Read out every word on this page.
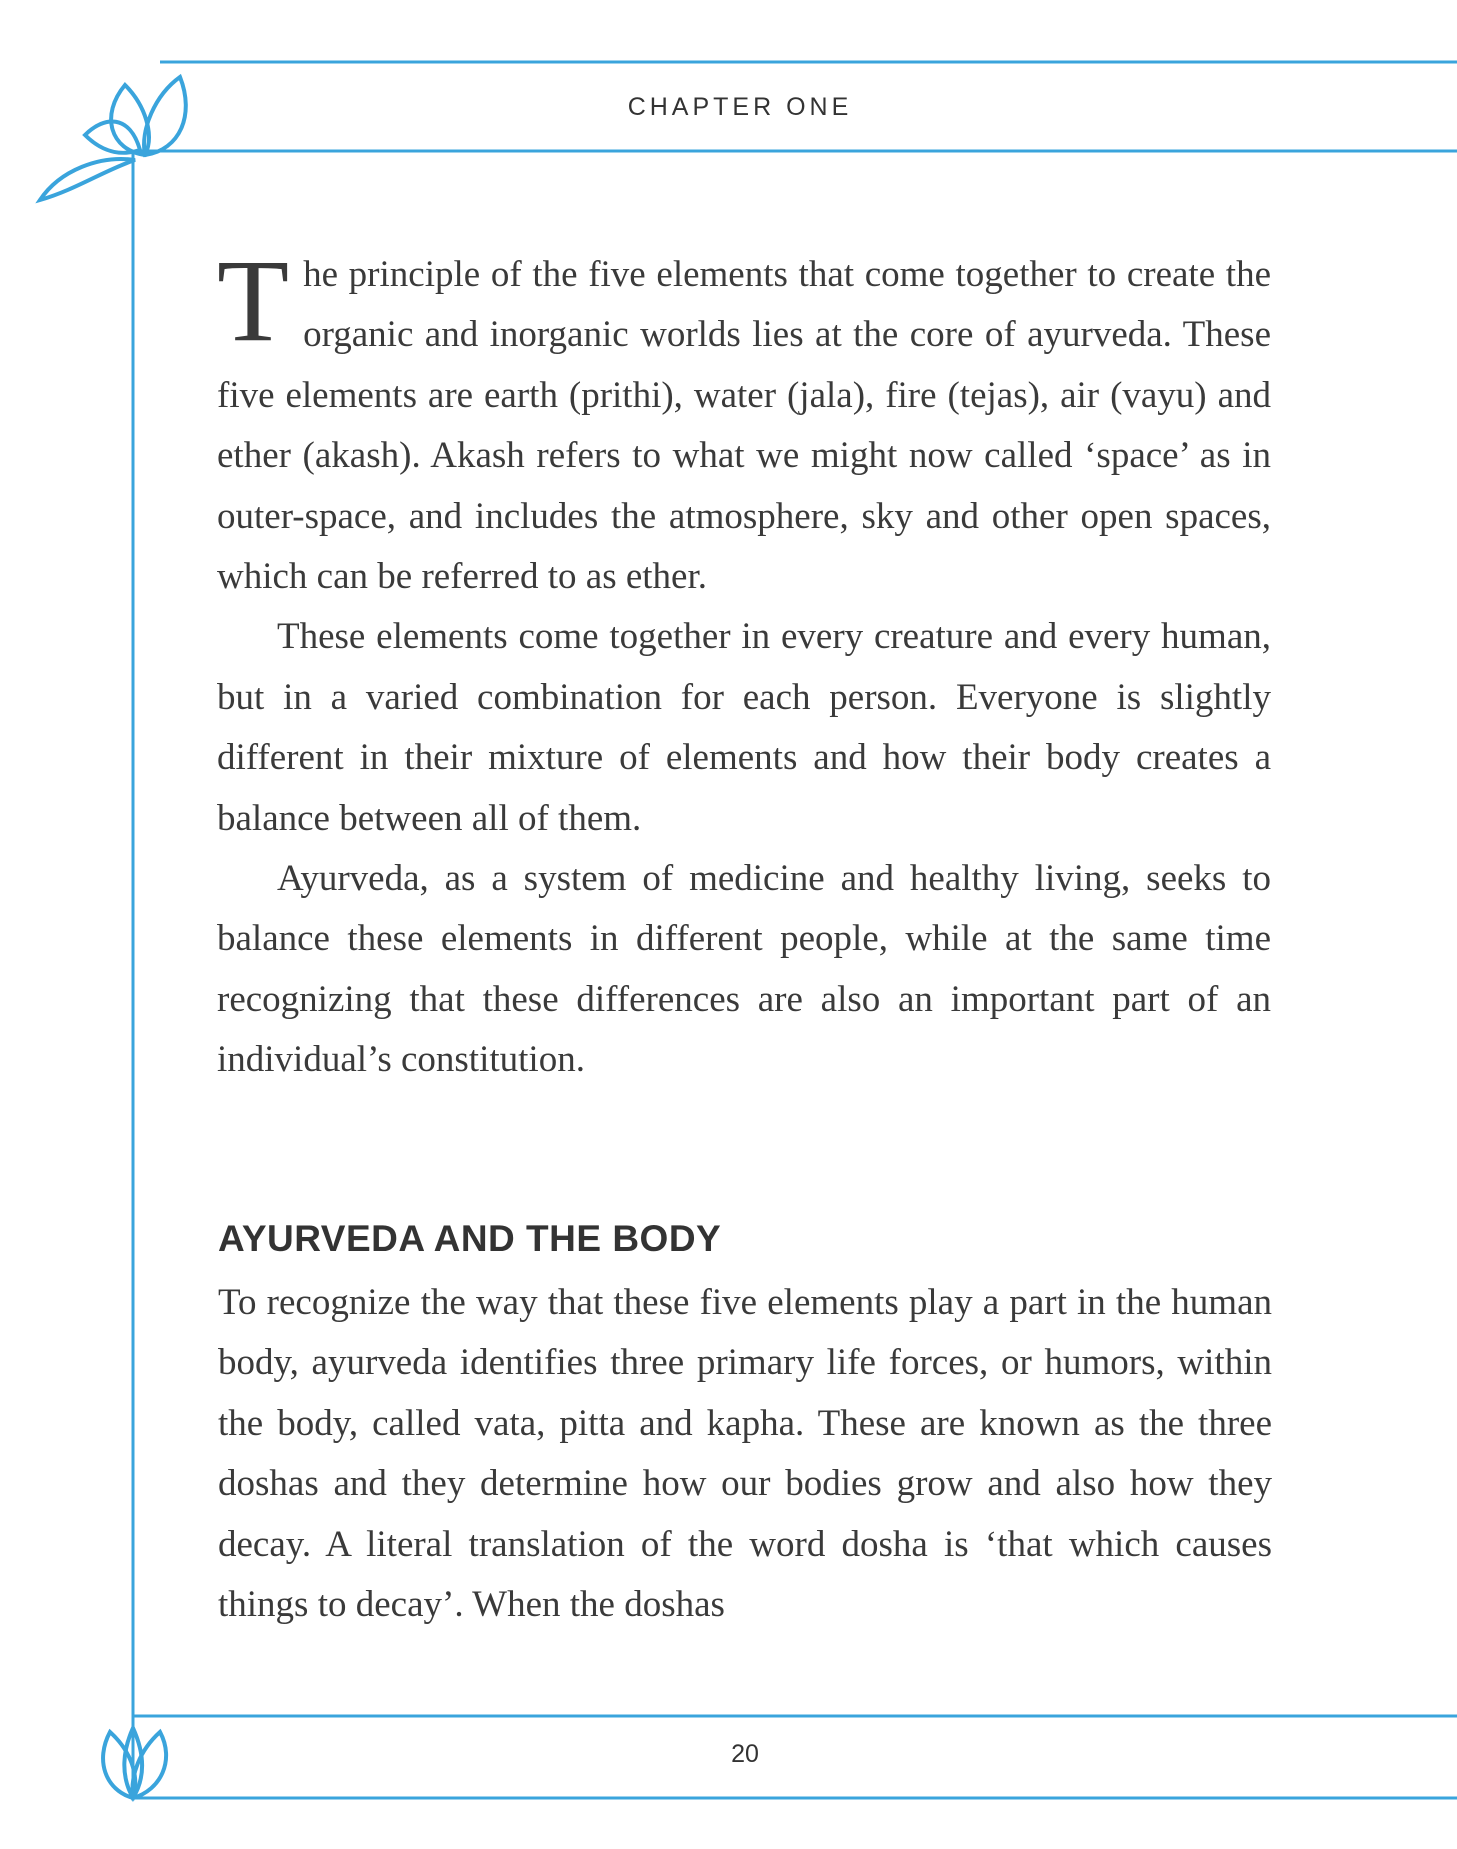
CHAPTER ONE

The principle of the five elements that come together to create the organic and inorganic worlds lies at the core of ayurveda. These five elements are earth (prithi), water (jala), fire (tejas), air (vayu) and ether (akash). Akash refers to what we might now called ‘space’ as in outer-space, and includes the atmosphere, sky and other open spaces, which can be referred to as ether.

These elements come together in every creature and every human, but in a varied combination for each person. Everyone is slightly different in their mixture of elements and how their body creates a balance between all of them.

Ayurveda, as a system of medicine and healthy living, seeks to balance these elements in different people, while at the same time recognizing that these differences are also an important part of an individual’s constitution.

AYURVEDA AND THE BODY

To recognize the way that these five elements play a part in the human body, ayurveda identifies three primary life forces, or humors, within the body, called vata, pitta and kapha. These are known as the three doshas and they determine how our bodies grow and also how they decay. A literal translation of the word dosha is ‘that which causes things to decay’. When the doshas

20
